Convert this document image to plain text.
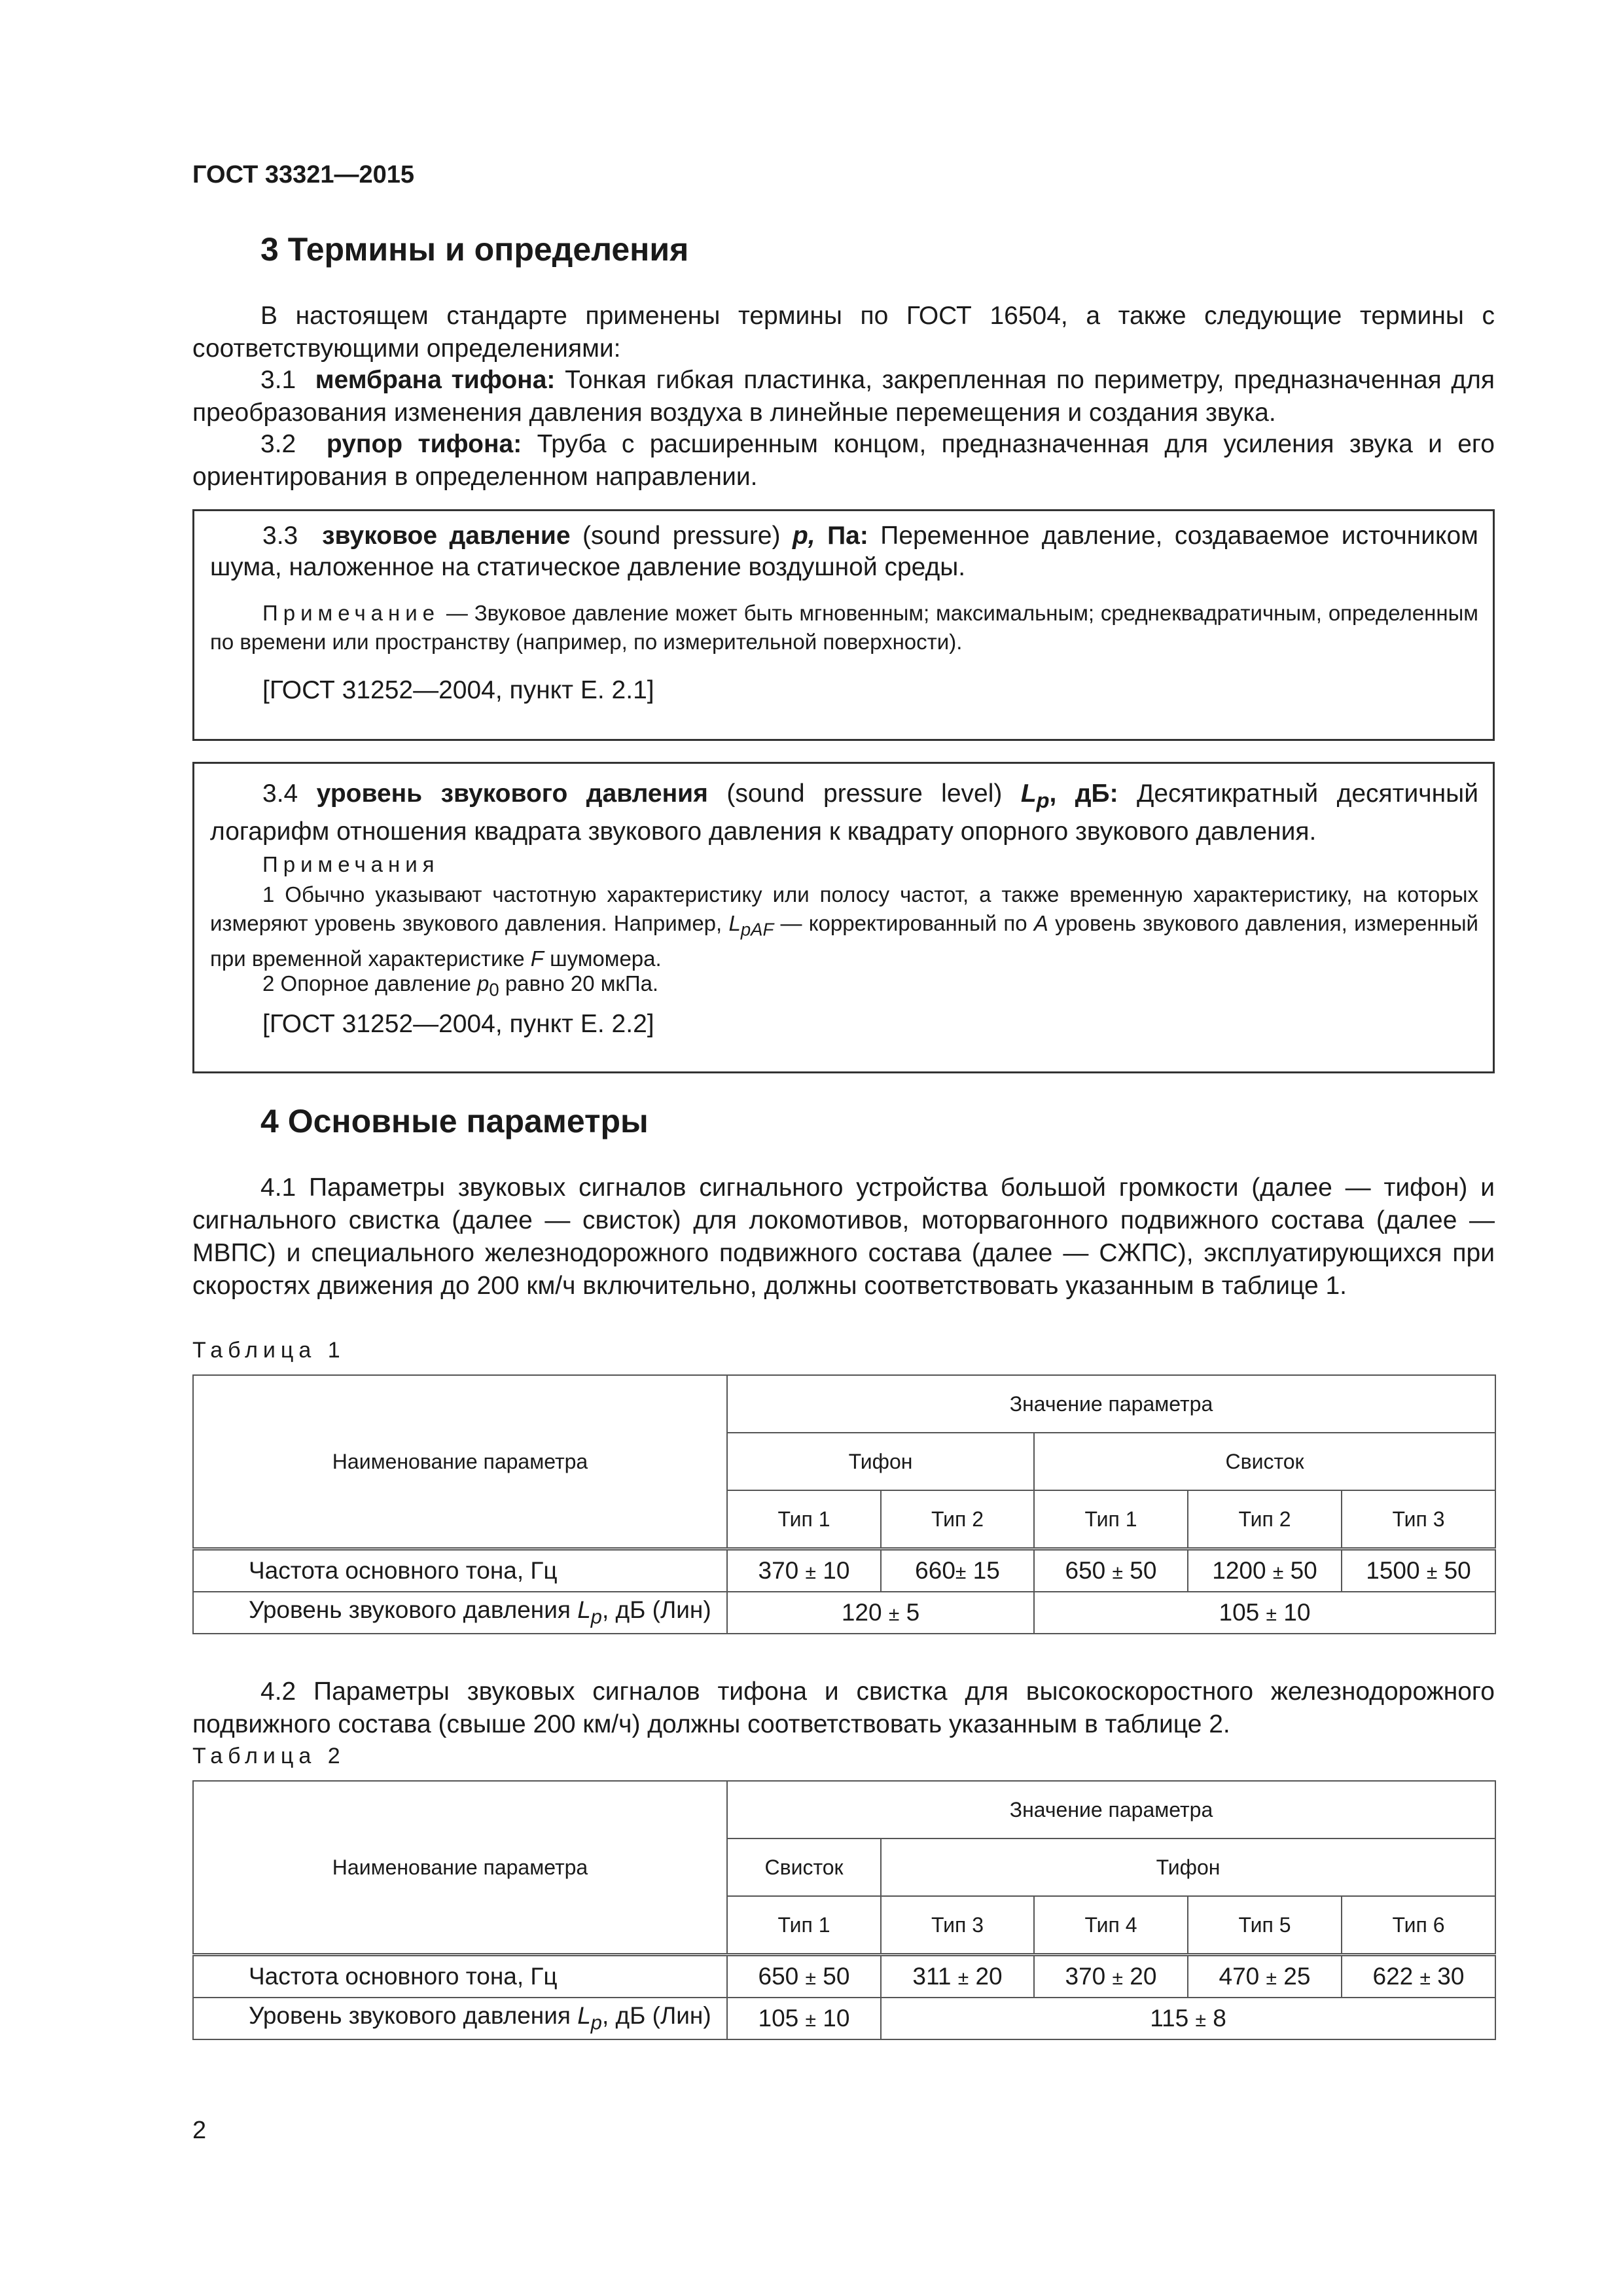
ГОСТ 33321—2015
3 Термины и определения

В настоящем стандарте применены термины по ГОСТ 16504, а также следующие термины с соответствующими определениями:

3.1 мембрана тифона: Тонкая гибкая пластинка, закрепленная по периметру, предназначенная для преобразования изменения давления воздуха в линейные перемещения и создания звука.

3.2 рупор тифона: Труба с расширенным концом, предназначенная для усиления звука и его ориентирования в определенном направлении.

3.3 звуковое давление (sound pressure) p, Па: Переменное давление, создаваемое источником шума, наложенное на статическое давление воздушной среды.

Примечание — Звуковое давление может быть мгновенным; максимальным; среднеквадратичным, определенным по времени или пространству (например, по измерительной поверхности).

[ГОСТ 31252—2004, пункт Е. 2.1]

3.4 уровень звукового давления (sound pressure level) $L_p$, дБ: Десятикратный десятичный логарифм отношения квадрата звукового давления к квадрату опорного звукового давления.

Примечания

1 Обычно указывают частотную характеристику или полосу частот, а также временную характеристику, на которых измеряют уровень звукового давления. Например, $L_{pAF}$ — корректированный по А уровень звукового давления, измеренный при временной характеристике F шумомера.

2 Опорное давление $p_0$ равно 20 мкПа.

[ГОСТ 31252—2004, пункт Е. 2.2]

4 Основные параметры

4.1 Параметры звуковых сигналов сигнального устройства большой громкости (далее — тифон) и сигнального свистка (далее — свисток) для локомотивов, моторвагонного подвижного состава (далее — МВПС) и специального железнодорожного подвижного состава (далее — СЖПС), эксплуатирующихся при скоростях движения до 200 км/ч включительно, должны соответствовать указанным в таблице 1.

Таблица 1
Наименование параметра	Значение параметра				
	Тифон		Свисток		
	Тип 1	Тип 2	Тип 1	Тип 2	Тип 3
Частота основного тона, Гц	370 ± 10	660± 15	650 ± 50	1200 ± 50	1500 ± 50
Уровень звукового давления $L_p$, дБ (Лин)	120 ± 5		105 ± 10		

4.2 Параметры звуковых сигналов тифона и свистка для высокоскоростного железнодорожного подвижного состава (свыше 200 км/ч) должны соответствовать указанным в таблице 2.

Таблица 2
Наименование параметра	Значение параметра				
	Свисток	Тифон			
	Тип 1	Тип 3	Тип 4	Тип 5	Тип 6
Частота основного тона, Гц	650 ± 50	311 ± 20	370 ± 20	470 ± 25	622 ± 30
Уровень звукового давления $L_p$, дБ (Лин)	105 ± 10	115 ± 8			
2
